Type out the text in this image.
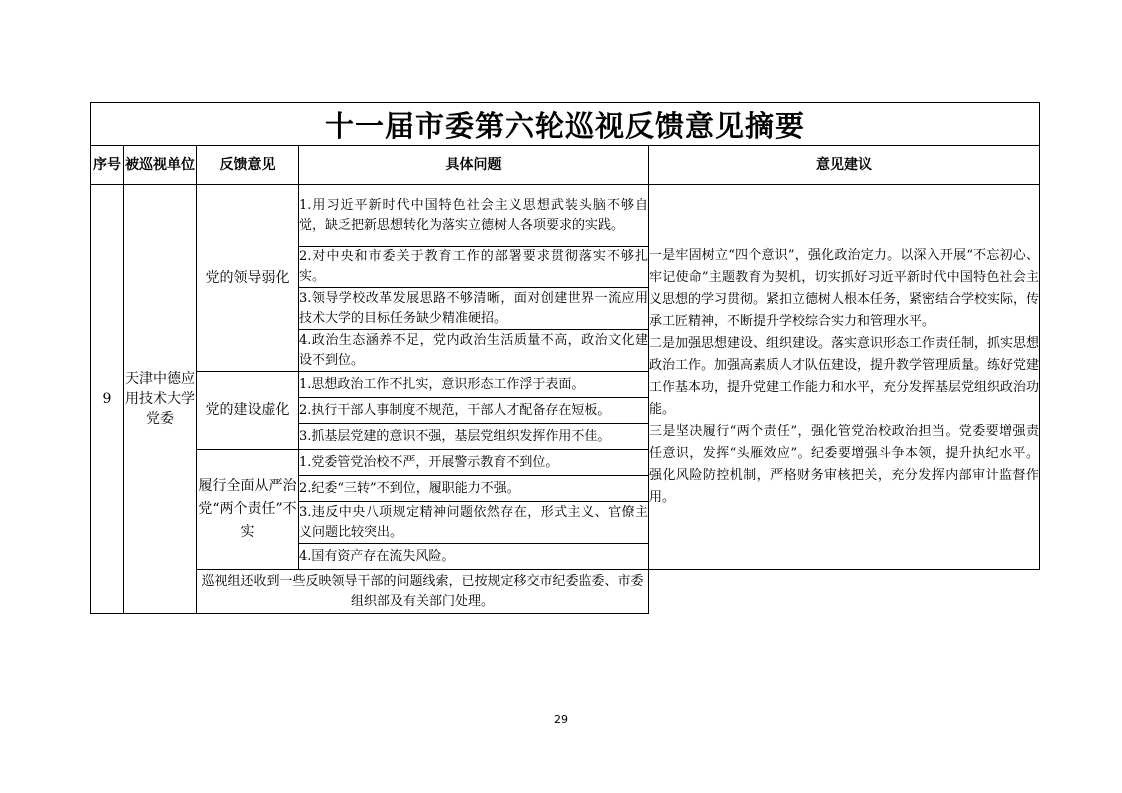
十一届市委第六轮巡视反馈意见摘要				
序号	被巡视单位	反馈意见	具体问题	意见建议
9	天津中德应用技术大学党委	党的领导弱化	1.用习近平新时代中国特色社会主义思想武装头脑不够自觉，缺乏把新思想转化为落实立德树人各项要求的实践。	一是牢固树立“四个意识”，强化政治定力。以深入开展“不忘初心、牢记使命”主题教育为契机，切实抓好习近平新时代中国特色社会主义思想的学习贯彻。紧扣立德树人根本任务，紧密结合学校实际，传承工匠精神，不断提升学校综合实力和管理水平。
二是加强思想建设、组织建设。落实意识形态工作责任制，抓实思想政治工作。加强高素质人才队伍建设，提升教学管理质量。练好党建工作基本功，提升党建工作能力和水平，充分发挥基层党组织政治功能。
三是坚决履行“两个责任”，强化管党治校政治担当。党委要增强责任意识，发挥“头雁效应”。纪委要增强斗争本领，提升执纪水平。强化风险防控机制，严格财务审核把关，充分发挥内部审计监督作用。

			2.对中央和市委关于教育工作的部署要求贯彻落实不够扎实。	
			3.领导学校改革发展思路不够清晰，面对创建世界一流应用技术大学的目标任务缺少精准硬招。	
			4.政治生态涵养不足，党内政治生活质量不高，政治文化建设不到位。	
		党的建设虚化	1.思想政治工作不扎实，意识形态工作浮于表面。	
			2.执行干部人事制度不规范，干部人才配备存在短板。	
			3.抓基层党建的意识不强，基层党组织发挥作用不佳。	
		履行全面从严治党“两个责任”不实	1.党委管党治校不严，开展警示教育不到位。	
			2.纪委“三转”不到位，履职能力不强。	
			3.违反中央八项规定精神问题依然存在，形式主义、官僚主义问题比较突出。	
			4.国有资产存在流失风险。	
		巡视组还收到一些反映领导干部的问题线索，已按规定移交市纪委监委、市委组织部及有关部门处理。		
29
